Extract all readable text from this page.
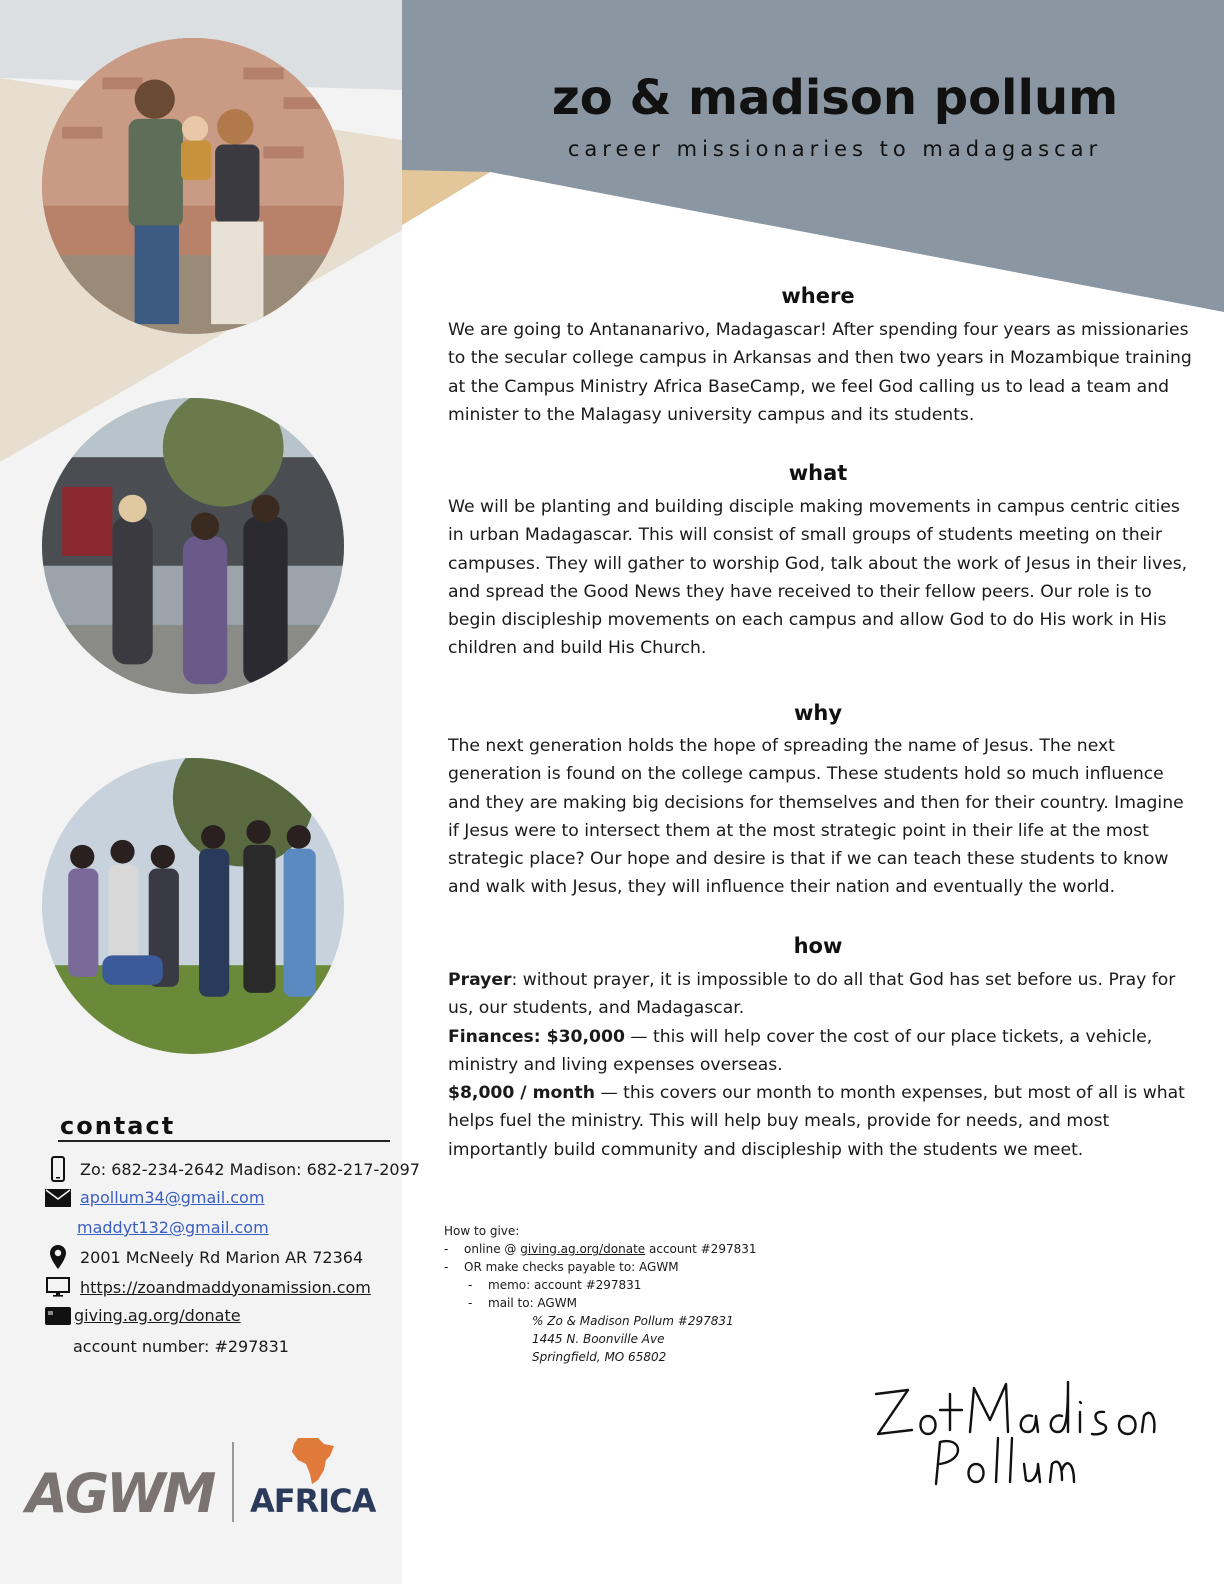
zo & madison pollum
career missionaries to madagascar
where
We are going to Antananarivo, Madagascar! After spending four years as missionaries to the secular college campus in Arkansas and then two years in Mozambique training at the Campus Ministry Africa BaseCamp, we feel God calling us to lead a team and minister to the Malagasy university campus and its students.
what
We will be planting and building disciple making movements in campus centric cities in urban Madagascar. This will consist of small groups of students meeting on their campuses. They will gather to worship God, talk about the work of Jesus in their lives, and spread the Good News they have received to their fellow peers. Our role is to begin discipleship movements on each campus and allow God to do His work in His children and build His Church.
why
The next generation holds the hope of spreading the name of Jesus. The next generation is found on the college campus. These students hold so much influence and they are making big decisions for themselves and then for their country. Imagine if Jesus were to intersect them at the most strategic point in their life at the most strategic place? Our hope and desire is that if we can teach these students to know and walk with Jesus, they will influence their nation and eventually the world.
how
Prayer: without prayer, it is impossible to do all that God has set before us. Pray for us, our students, and Madagascar.
Finances: $30,000 — this will help cover the cost of our place tickets, a vehicle, ministry and living expenses overseas.
$8,000 / month — this covers our month to month expenses, but most of all is what helps fuel the ministry. This will help buy meals, provide for needs, and most importantly build community and discipleship with the students we meet.
contact
Zo: 682-234-2642 Madison: 682-217-2097
apollum34@gmail.com
maddyt132@gmail.com
2001 McNeely Rd Marion AR 72364
https://zoandmaddyonamission.com
giving.ag.org/donate
account number: #297831
AGWM AFRICA
How to give:
- online @ giving.ag.org/donate account #297831
- OR make checks payable to: AGWM
- memo: account #297831
- mail to: AGWM
% Zo & Madison Pollum #297831
1445 N. Boonville Ave
Springfield, MO 65802
